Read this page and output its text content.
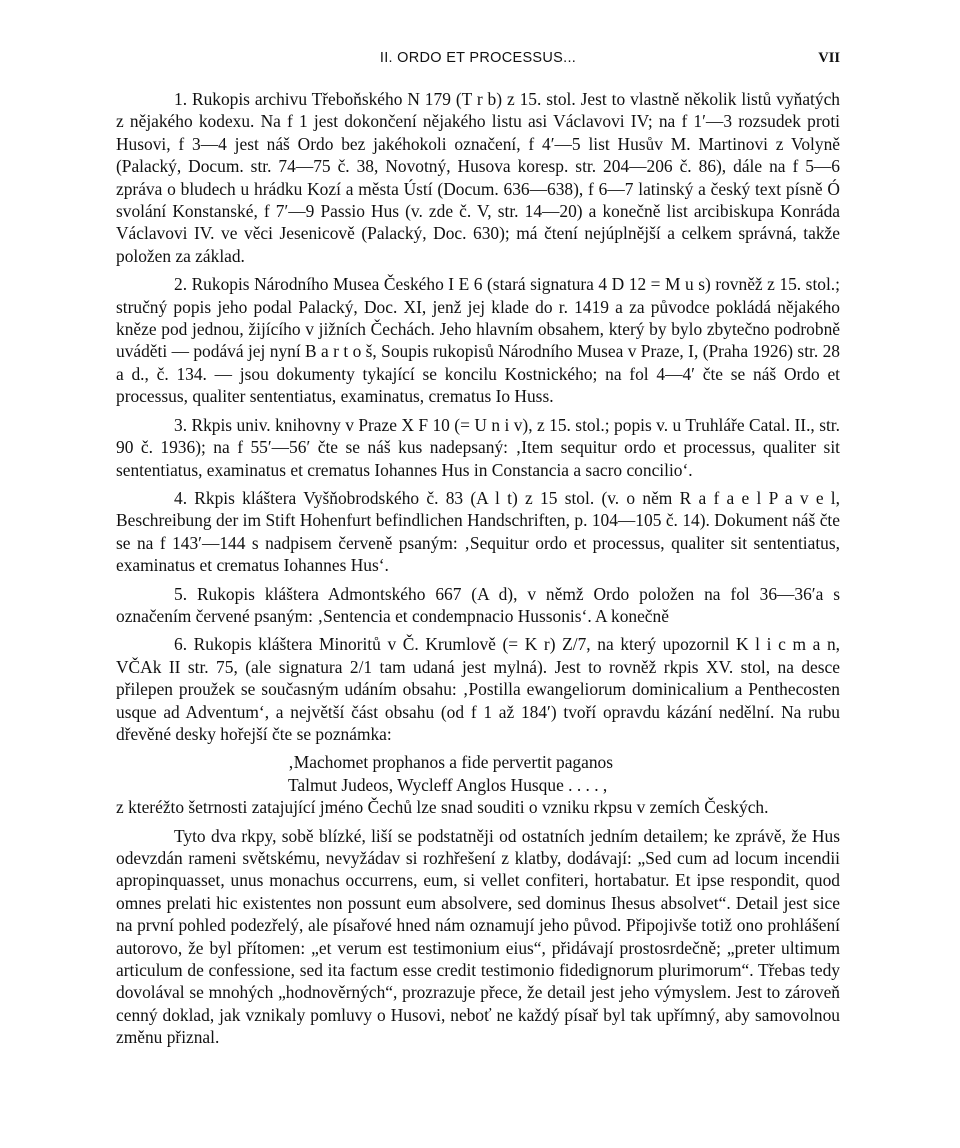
II. ORDO ET PROCESSUS...	VII

1. Rukopis archivu Třeboňského N 179 (T r b) z 15. stol. Jest to vlastně několik listů vyňatých z nějakého kodexu. Na f 1 jest dokončení nějakého listu asi Václavovi IV; na f 1′—3 rozsudek proti Husovi, f 3—4 jest náš Ordo bez jakéhokoli označení, f 4′—5 list Husův M. Martinovi z Volyně (Palacký, Docum. str. 74—75 č. 38, Novotný, Husova koresp. str. 204—206 č. 86), dále na f 5—6 zpráva o bludech u hrádku Kozí a města Ústí (Docum. 636—638), f 6—7 latinský a český text písně Ó svolání Konstanské, f 7′—9 Passio Hus (v. zde č. V, str. 14—20) a konečně list arcibiskupa Konráda Václavovi IV. ve věci Jesenicově (Palacký, Doc. 630); má čtení nejúplnější a celkem správná, takže položen za základ.

2. Rukopis Národního Musea Českého I E 6 (stará signatura 4 D 12 = M u s) rovněž z 15. stol.; stručný popis jeho podal Palacký, Doc. XI, jenž jej klade do r. 1419 a za původce pokládá nějakého kněze pod jednou, žijícího v jižních Čechách. Jeho hlavním obsahem, který by bylo zbytečno podrobně uváděti — podává jej nyní B a r t o š, Soupis rukopisů Národního Musea v Praze, I, (Praha 1926) str. 28 a d., č. 134. — jsou dokumenty tykající se koncilu Kostnického; na fol 4—4′ čte se náš Ordo et processus, qualiter sententiatus, examinatus, crematus Io Huss.

3. Rkpis univ. knihovny v Praze X F 10 (= U n i v), z 15. stol.; popis v. u Truhláře Catal. II., str. 90 č. 1936); na f 55′—56′ čte se náš kus nadepsaný: ‚Item sequitur ordo et processus, qualiter sit sententiatus, examinatus et crematus Iohannes Hus in Constancia a sacro concilio‘.

4. Rkpis kláštera Vyšňobrodského č. 83 (A l t) z 15 stol. (v. o něm R a f a e l P a v e l, Beschreibung der im Stift Hohenfurt befindlichen Handschriften, p. 104—105 č. 14). Dokument náš čte se na f 143′—144 s nadpisem červeně psaným: ‚Sequitur ordo et processus, qualiter sit sententiatus, examinatus et crematus Iohannes Hus‘.

5. Rukopis kláštera Admontského 667 (A d), v němž Ordo položen na fol 36—36′a s označením červené psaným: ‚Sentencia et condempnacio Hussonis‘. A konečně

6. Rukopis kláštera Minoritů v Č. Krumlově (= K r) Z/7, na který upozornil K l i c m a n, VČAk II str. 75, (ale signatura 2/1 tam udaná jest mylná). Jest to rovněž rkpis XV. stol, na desce přilepen proužek se současným udáním obsahu: ‚Postilla ewangeliorum dominicalium a Penthecosten usque ad Adventum‘, a největší část obsahu (od f 1 až 184′) tvoří opravdu kázání nedělní. Na rubu dřevěné desky hořejší čte se poznámka:

‚Machomet prophanos a fide pervertit paganos
Talmut Judeos, Wycleff Anglos Husque . . . . ,

z kteréžto šetrnosti zatajující jméno Čechů lze snad souditi o vzniku rkpsu v zemích Českých.

Tyto dva rkpy, sobě blízké, liší se podstatněji od ostatních jedním detailem; ke zprávě, že Hus odevzdán rameni světskému, nevyžádav si rozhřešení z klatby, dodávají: „Sed cum ad locum incendii apropinquasset, unus monachus occurrens, eum, si vellet confiteri, hortabatur. Et ipse respondit, quod omnes prelati hic existentes non possunt eum absolvere, sed dominus Ihesus absolvet“. Detail jest sice na první pohled podezřelý, ale písařové hned nám oznamují jeho původ. Připojivše totiž ono prohlášení autorovo, že byl přítomen: „et verum est testimonium eius“, přidávají prostosrdečně; „preter ultimum articulum de confessione, sed ita factum esse credit testimonio fidedignorum plurimorum“. Třebas tedy dovolával se mnohých „hodnověrných“, prozrazuje přece, že detail jest jeho výmyslem. Jest to zároveň cenný doklad, jak vznikaly pomluvy o Husovi, neboť ne každý písař byl tak upřímný, aby samovolnou změnu přiznal.
